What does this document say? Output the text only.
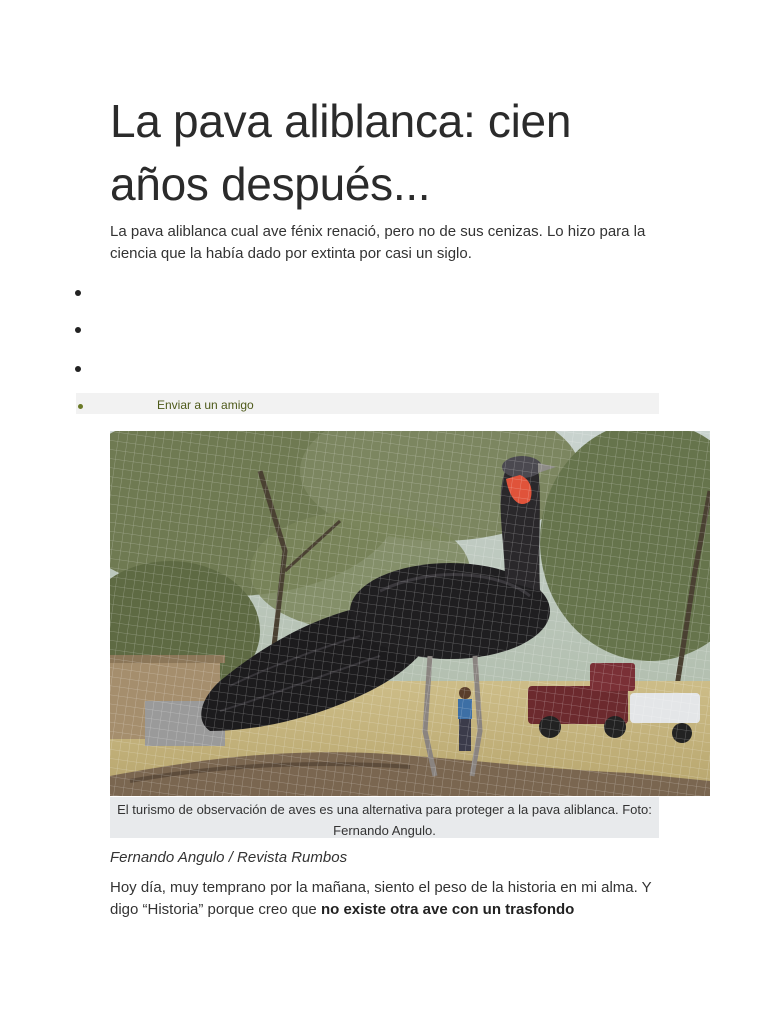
La pava aliblanca: cien años después...

La pava aliblanca cual ave fénix renació, pero no de sus cenizas. Lo hizo para la ciencia que la había dado por extinta por casi un siglo.

Enviar a un amigo

El turismo de observación de aves es una alternativa para proteger a la pava aliblanca. Foto: Fernando Angulo.

Fernando Angulo / Revista Rumbos

Hoy día, muy temprano por la mañana, siento el peso de la historia en mi alma. Y digo “Historia” porque creo que no existe otra ave con un trasfondo
